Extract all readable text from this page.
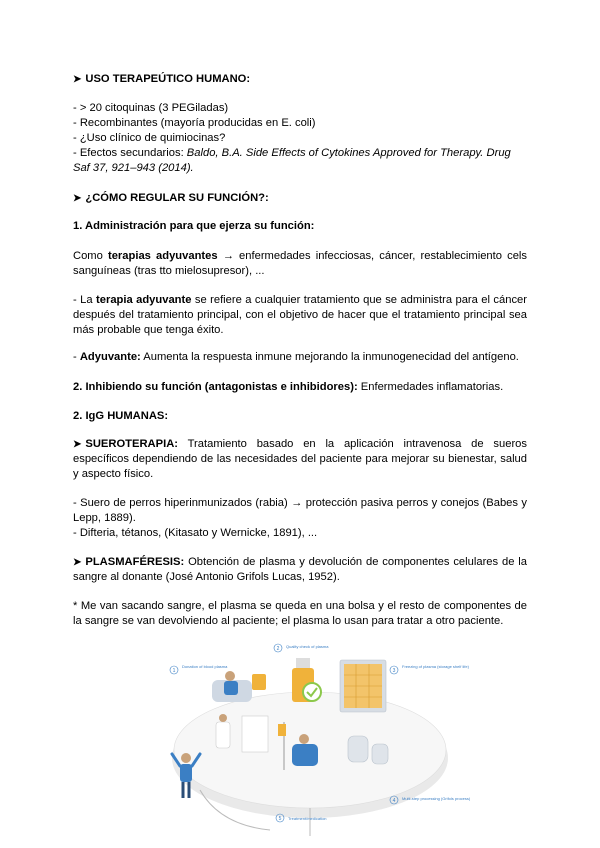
➤ USO TERAPEÚTICO HUMANO:
- > 20 citoquinas (3 PEGiladas)
- Recombinantes (mayoría producidas en E. coli)
- ¿Uso clínico de quimiocinas?
- Efectos secundarios: Baldo, B.A. Side Effects of Cytokines Approved for Therapy. Drug Saf 37, 921–943 (2014).
➤ ¿CÓMO REGULAR SU FUNCIÓN?:
1. Administración para que ejerza su función:
Como terapias adyuvantes → enfermedades infecciosas, cáncer, restablecimiento cels sanguíneas (tras tto mielosupresor), ...
- La terapia adyuvante se refiere a cualquier tratamiento que se administra para el cáncer después del tratamiento principal, con el objetivo de hacer que el tratamiento principal sea más probable que tenga éxito.
- Adyuvante: Aumenta la respuesta inmune mejorando la inmunogenecidad del antígeno.
2. Inhibiendo su función (antagonistas e inhibidores): Enfermedades inflamatorias.
2. IgG HUMANAS:
➤ SUEROTERAPIA: Tratamiento basado en la aplicación intravenosa de sueros específicos dependiendo de las necesidades del paciente para mejorar su bienestar, salud y aspecto físico.
- Suero de perros hiperinmunizados (rabia) → protección pasiva perros y conejos (Babes y Lepp, 1889).
- Difteria, tétanos, (Kitasato y Wernicke, 1891), ...
➤ PLASMAFÉRESIS: Obtención de plasma y devolución de componentes celulares de la sangre al donante (José Antonio Grifols Lucas, 1952).
* Me van sacando sangre, el plasma se queda en una bolsa y el resto de componentes de la sangre se van devolviendo al paciente; el plasma lo usan para tratar a otro paciente.
1
Donation of blood plasma
2 Quality check of plasma
3
Freezing of plasma (storage shelf life)
4 Multi-step processing (Grifols process)
5 Treatment/medication
